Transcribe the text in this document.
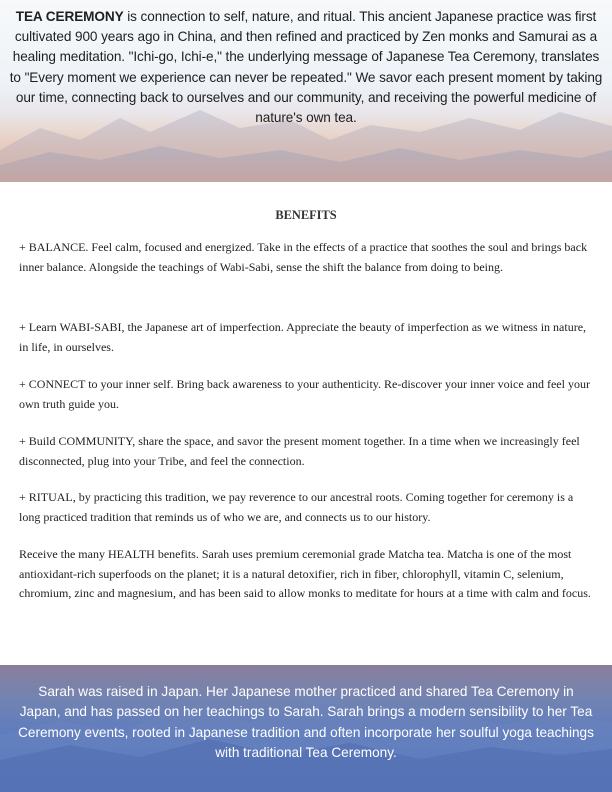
TEA CEREMONY is connection to self, nature, and ritual. This ancient Japanese practice was first cultivated 900 years ago in China, and then refined and practiced by Zen monks and Samurai as a healing meditation. "Ichi-go, Ichi-e," the underlying message of Japanese Tea Ceremony, translates to "Every moment we experience can never be repeated." We savor each present moment by taking our time, connecting back to ourselves and our community, and receiving the powerful medicine of nature's own tea.

BENEFITS

+ BALANCE. Feel calm, focused and energized. Take in the effects of a practice that soothes the soul and brings back inner balance. Alongside the teachings of Wabi-Sabi, sense the shift the balance from doing to being.

+ Learn WABI-SABI, the Japanese art of imperfection. Appreciate the beauty of imperfection as we witness in nature, in life, in ourselves.

+ CONNECT to your inner self. Bring back awareness to your authenticity. Re-discover your inner voice and feel your own truth guide you.

+ Build COMMUNITY, share the space, and savor the present moment together. In a time when we increasingly feel disconnected, plug into your Tribe, and feel the connection.

+ RITUAL, by practicing this tradition, we pay reverence to our ancestral roots. Coming together for ceremony is a long practiced tradition that reminds us of who we are, and connects us to our history.

Receive the many HEALTH benefits. Sarah uses premium ceremonial grade Matcha tea. Matcha is one of the most antioxidant-rich superfoods on the planet; it is a natural detoxifier, rich in fiber, chlorophyll, vitamin C, selenium, chromium, zinc and magnesium, and has been said to allow monks to meditate for hours at a time with calm and focus.

Sarah was raised in Japan. Her Japanese mother practiced and shared Tea Ceremony in Japan, and has passed on her teachings to Sarah. Sarah brings a modern sensibility to her Tea Ceremony events, rooted in Japanese tradition and often incorporate her soulful yoga teachings with traditional Tea Ceremony.
